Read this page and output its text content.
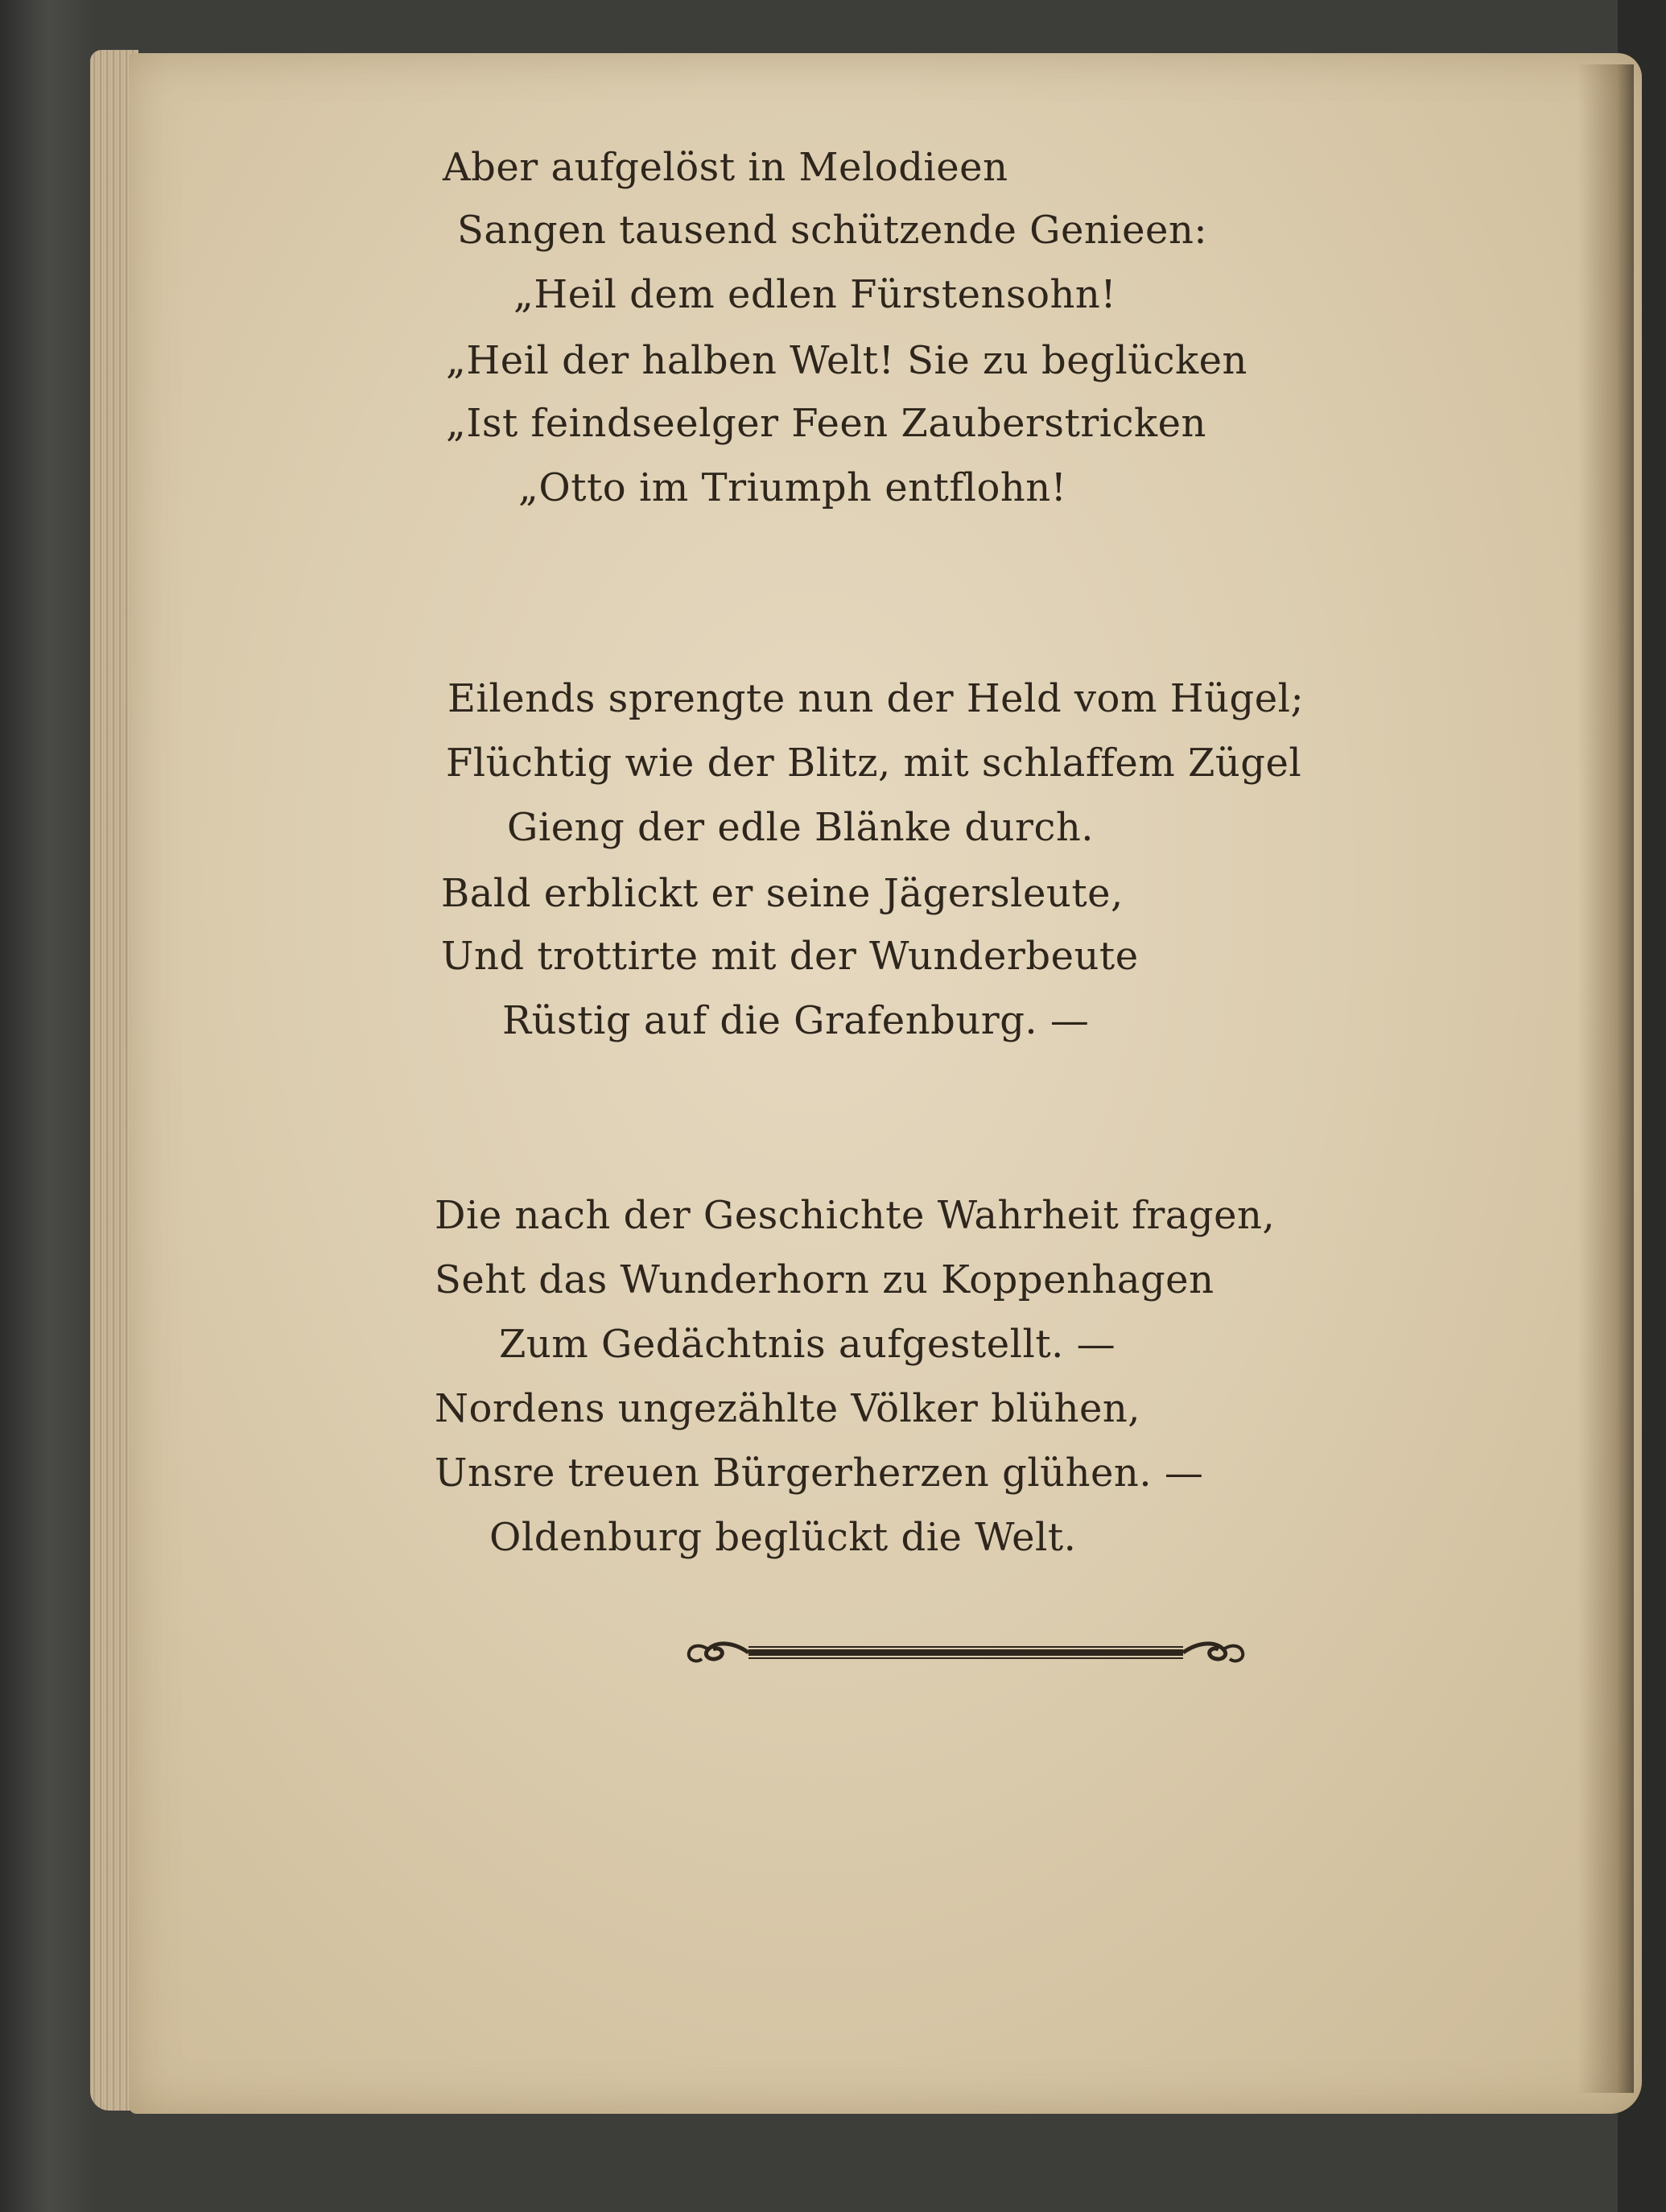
Aber aufgelöst in Melodieen
Sangen tausend schützende Genieen:
„Heil dem edlen Fürstensohn!
„Heil der halben Welt! Sie zu beglücken
„Ist feindseelger Feen Zauberstricken
„Otto im Triumph entflohn!
Eilends sprengte nun der Held vom Hügel;
Flüchtig wie der Blitz, mit schlaffem Zügel
Gieng der edle Blänke durch.
Bald erblickt er seine Jägersleute,
Und trottirte mit der Wunderbeute
Rüstig auf die Grafenburg. —
Die nach der Geschichte Wahrheit fragen,
Seht das Wunderhorn zu Koppenhagen
Zum Gedächtnis aufgestellt. —
Nordens ungezählte Völker blühen,
Unsre treuen Bürgerherzen glühen. —
Oldenburg beglückt die Welt.
